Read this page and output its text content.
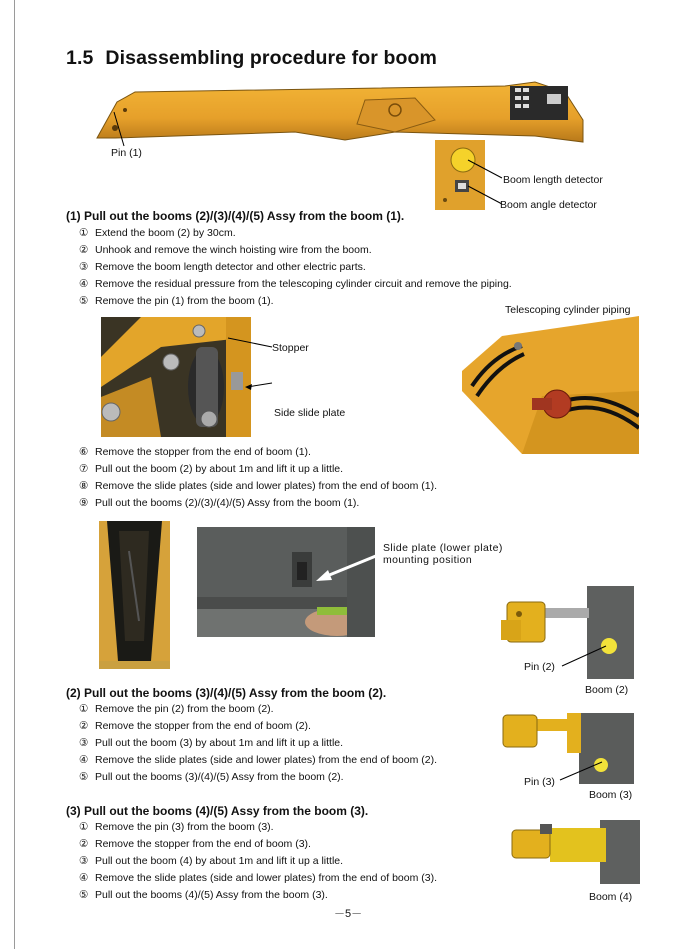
1.5 Disassembling procedure for boom
Pin (1)
Boom length detector
Boom angle detector
(1) Pull out the booms (2)/(3)/(4)/(5) Assy from the boom (1).
① Extend the boom (2) by 30cm.
② Unhook and remove the winch hoisting wire from the boom.
③ Remove the boom length detector and other electric parts.
④ Remove the residual pressure from the telescoping cylinder circuit and remove the piping.
⑤ Remove the pin (1) from the boom (1).
Telescoping cylinder piping
Stopper
Side slide plate
⑥ Remove the stopper from the end of boom (1).
⑦ Pull out the boom (2) by about 1m and lift it up a little.
⑧ Remove the slide plates (side and lower plates) from the end of boom (1).
⑨ Pull out the booms (2)/(3)/(4)/(5) Assy from the boom (1).
Slide plate (lower plate)
mounting position
Pin (2)
Boom (2)
(2) Pull out the booms (3)/(4)/(5) Assy from the boom (2).
① Remove the pin (2) from the boom (2).
② Remove the stopper from the end of boom (2).
③ Pull out the boom (3) by about 1m and lift it up a little.
④ Remove the slide plates (side and lower plates) from the end of boom (2).
⑤ Pull out the booms (3)/(4)/(5) Assy from the boom (2).	Pin (3)
Boom (3)
(3) Pull out the booms (4)/(5) Assy from the boom (3).
① Remove the pin (3) from the boom (3).
② Remove the stopper from the end of boom (3).
③ Pull out the boom (4) by about 1m and lift it up a little.
④ Remove the slide plates (side and lower plates) from the end of boom (3).
⑤ Pull out the booms (4)/(5) Assy from the boom (3).	Boom (4)
－5－
